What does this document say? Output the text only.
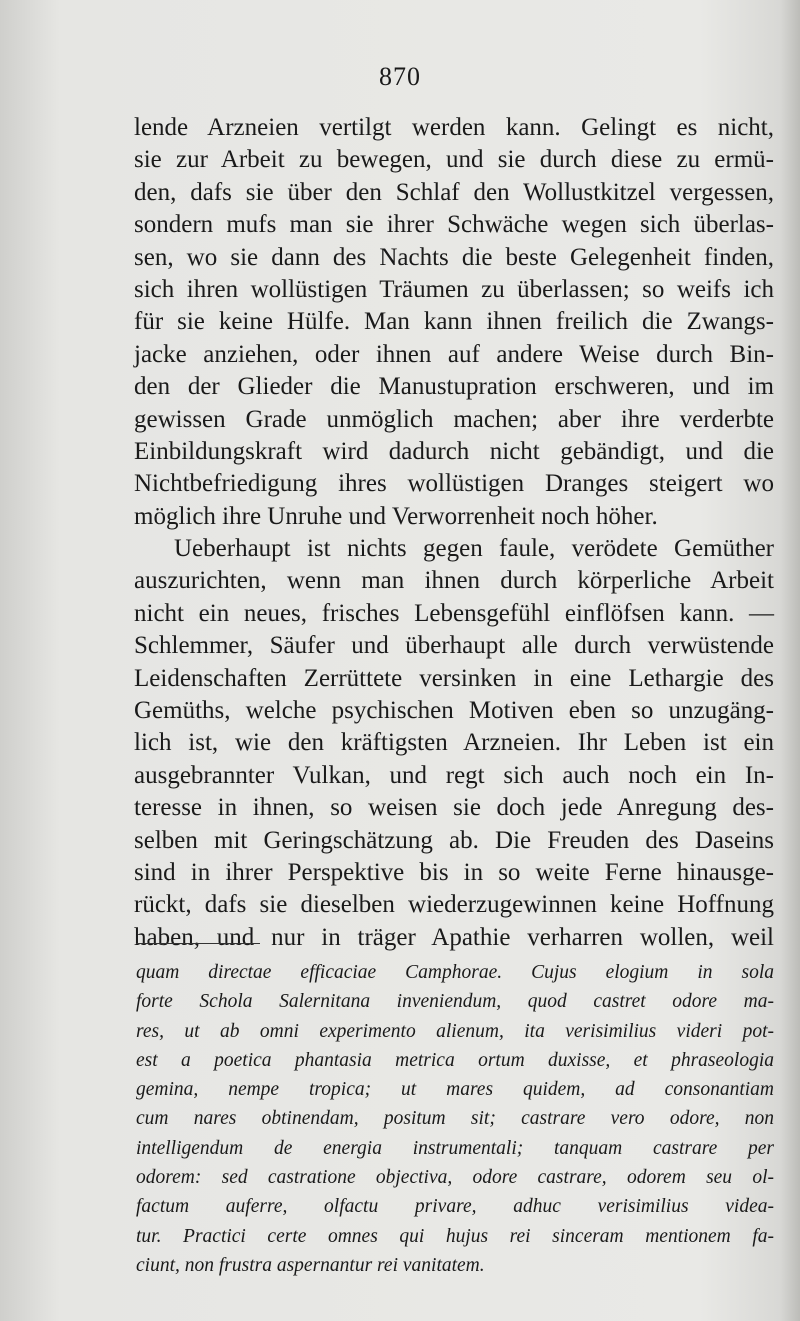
870
lende Arzneien vertilgt werden kann. Gelingt es nicht,
sie zur Arbeit zu bewegen, und sie durch diese zu ermü-
den, dafs sie über den Schlaf den Wollustkitzel vergessen,
sondern mufs man sie ihrer Schwäche wegen sich überlas-
sen, wo sie dann des Nachts die beste Gelegenheit finden,
sich ihren wollüstigen Träumen zu überlassen; so weifs ich
für sie keine Hülfe. Man kann ihnen freilich die Zwangs-
jacke anziehen, oder ihnen auf andere Weise durch Bin-
den der Glieder die Manustupration erschweren, und im
gewissen Grade unmöglich machen; aber ihre verderbte
Einbildungskraft wird dadurch nicht gebändigt, und die
Nichtbefriedigung ihres wollüstigen Dranges steigert wo
möglich ihre Unruhe und Verworrenheit noch höher.
Ueberhaupt ist nichts gegen faule, verödete Gemüther
auszurichten, wenn man ihnen durch körperliche Arbeit
nicht ein neues, frisches Lebensgefühl einflöfsen kann. —
Schlemmer, Säufer und überhaupt alle durch verwüstende
Leidenschaften Zerrüttete versinken in eine Lethargie des
Gemüths, welche psychischen Motiven eben so unzugäng-
lich ist, wie den kräftigsten Arzneien. Ihr Leben ist ein
ausgebrannter Vulkan, und regt sich auch noch ein In-
teresse in ihnen, so weisen sie doch jede Anregung des-
selben mit Geringschätzung ab. Die Freuden des Daseins
sind in ihrer Perspektive bis in so weite Ferne hinausge-
rückt, dafs sie dieselben wiederzugewinnen keine Hoffnung
haben, und nur in träger Apathie verharren wollen, weil
quam directae efficaciae Camphorae. Cujus elogium in sola
forte Schola Salernitana inveniendum, quod castret odore ma-
res, ut ab omni experimento alienum, ita verisimilius videri pot-
est a poetica phantasia metrica ortum duxisse, et phraseologia
gemina, nempe tropica; ut mares quidem, ad consonantiam
cum nares obtinendam, positum sit; castrare vero odore, non
intelligendum de energia instrumentali; tanquam castrare per
odorem: sed castratione objectiva, odore castrare, odorem seu ol-
factum auferre, olfactu privare, adhuc verisimilius videa-
tur. Practici certe omnes qui hujus rei sinceram mentionem fa-
ciunt, non frustra aspernantur rei vanitatem.
